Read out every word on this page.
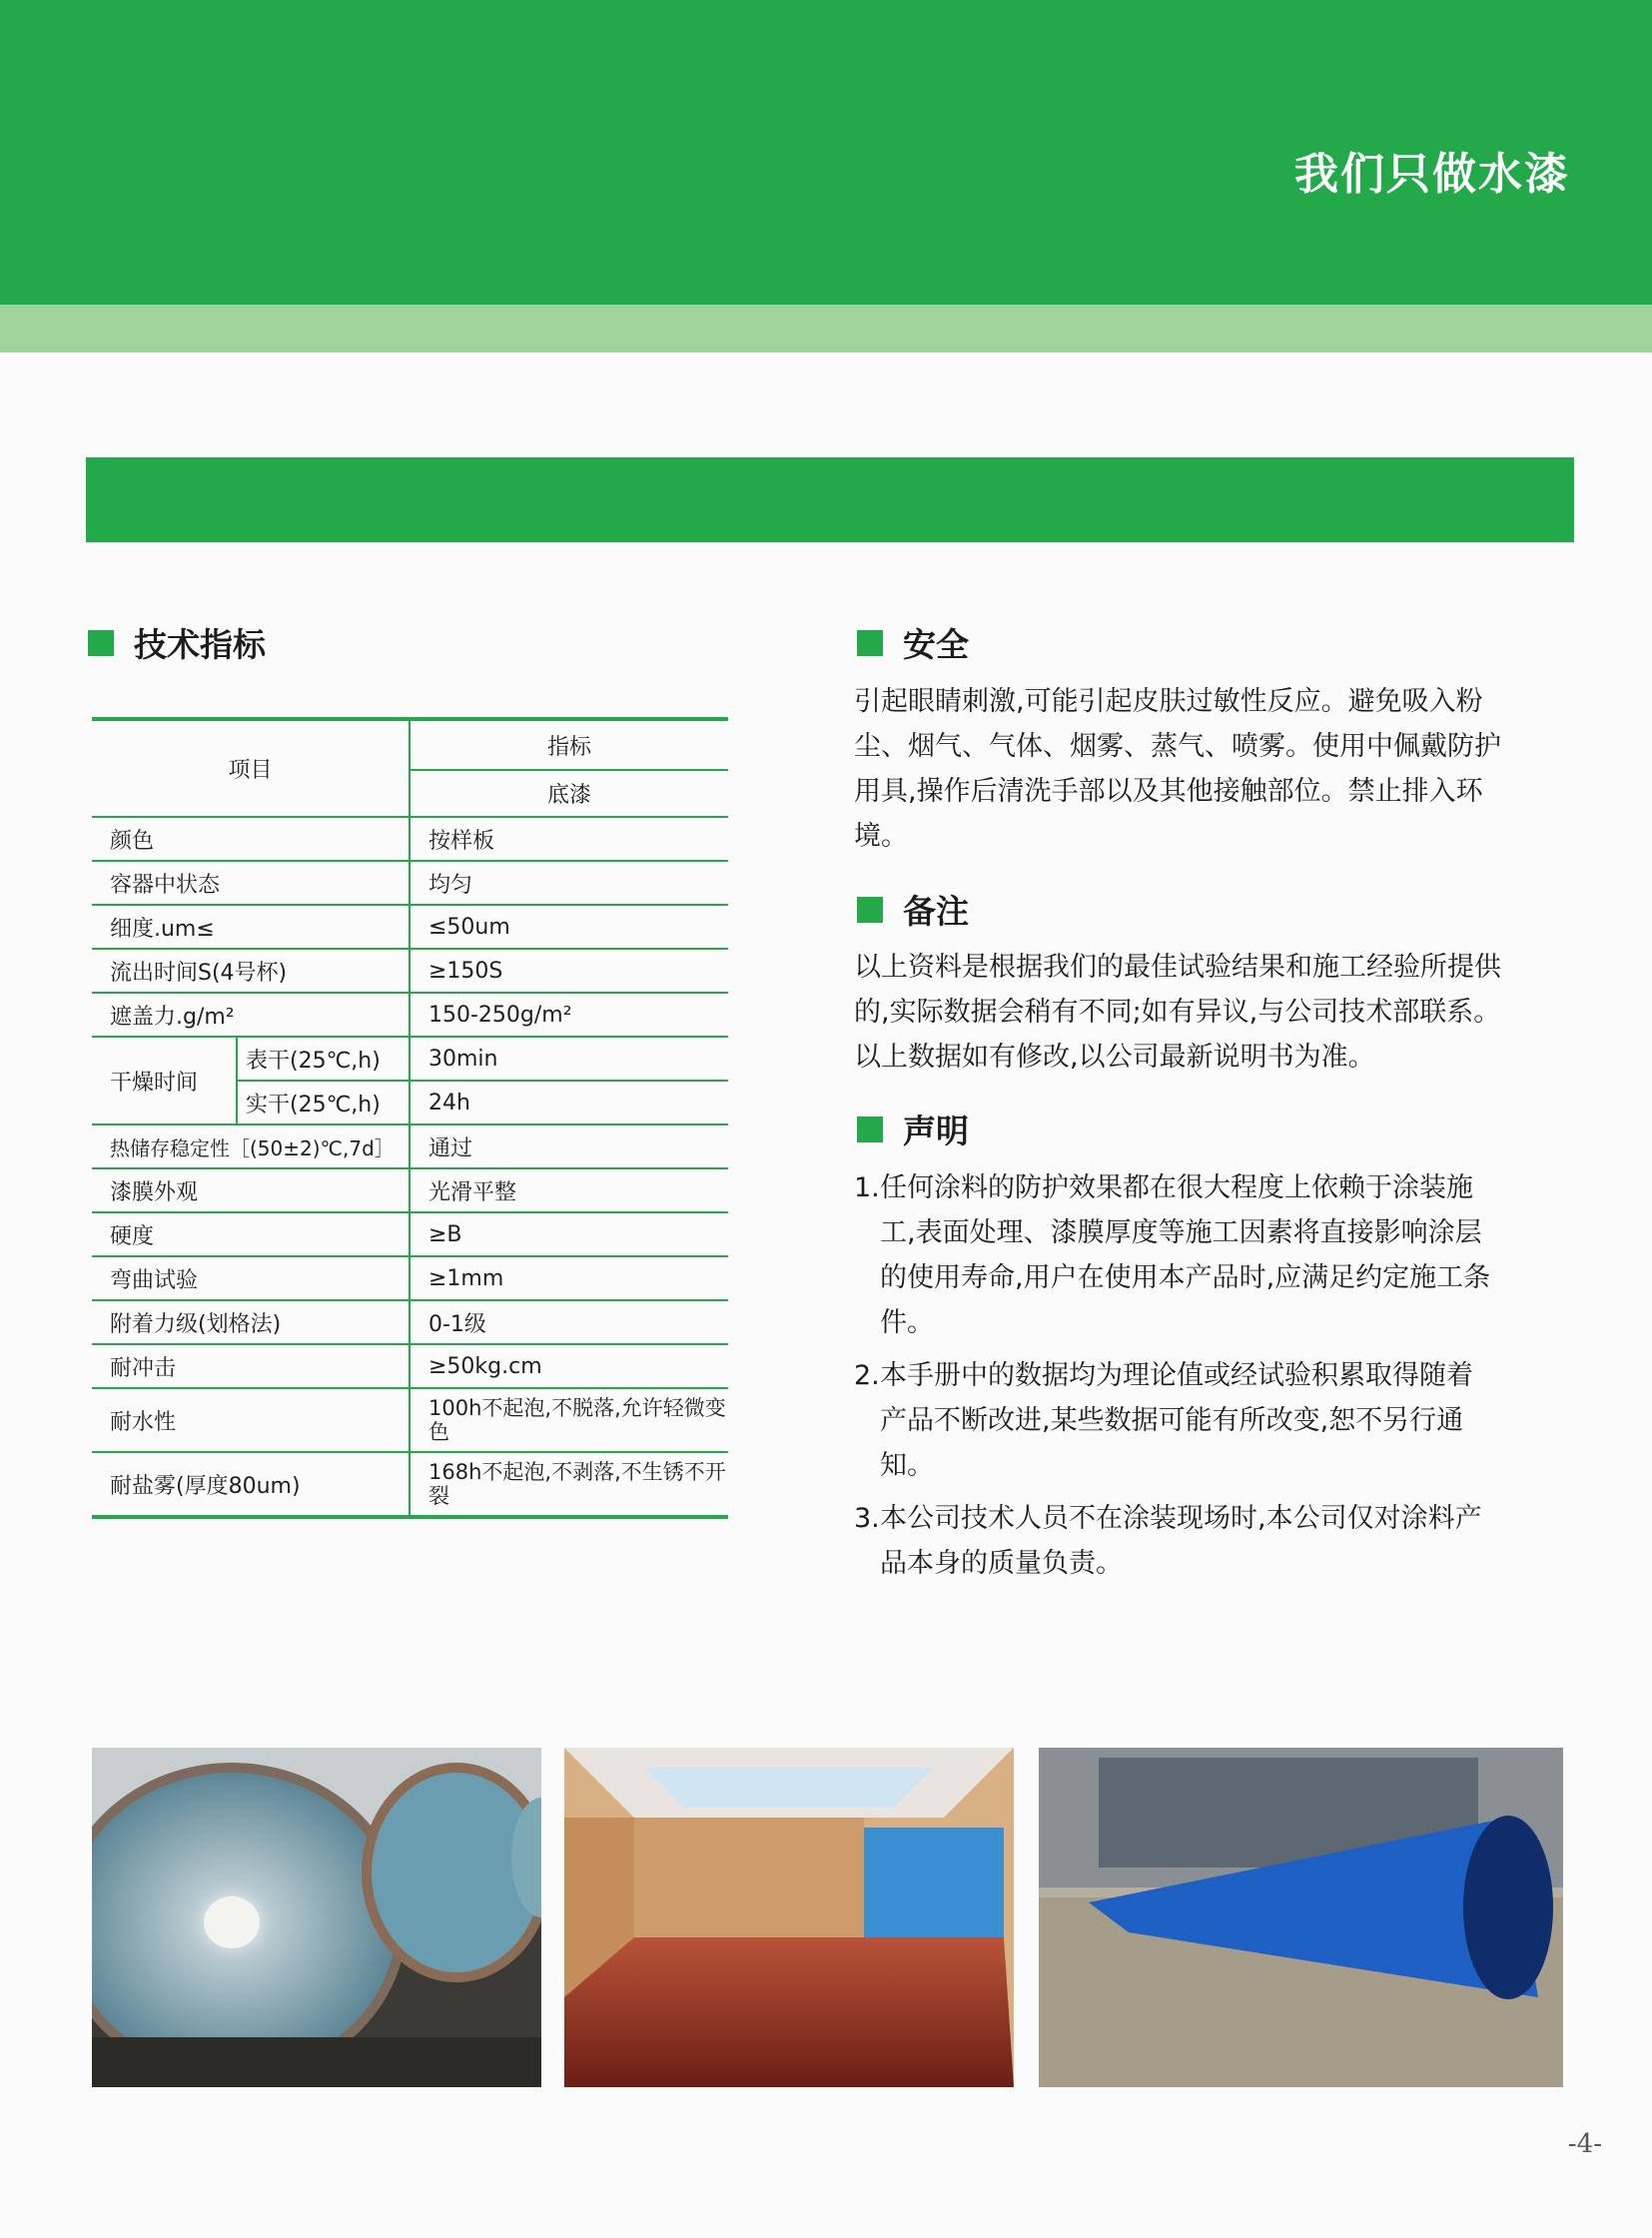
我们只做水漆
技术指标
项目		指标
		底漆
颜色		按样板
容器中状态		均匀
细度.um≤		≤50um
流出时间S(4号杯)		≥150S
遮盖力.g/m²		150-250g/m²
干燥时间	表干(25℃,h)	30min
	实干(25℃,h)	24h
热储存稳定性［(50±2)℃,7d］		通过
漆膜外观		光滑平整
硬度		≥B
弯曲试验		≥1mm
附着力级(划格法)		0-1级
耐冲击		≥50kg.cm
耐水性		100h不起泡,不脱落,允许轻微变色
耐盐雾(厚度80um)		168h不起泡,不剥落,不生锈不开裂
安全
引起眼睛刺激,可能引起皮肤过敏性反应。避免吸入粉尘、烟气、气体、烟雾、蒸气、喷雾。使用中佩戴防护用具,操作后清洗手部以及其他接触部位。禁止排入环境。
备注
以上资料是根据我们的最佳试验结果和施工经验所提供的,实际数据会稍有不同;如有异议,与公司技术部联系。以上数据如有修改,以公司最新说明书为准。
声明
1. 任何涂料的防护效果都在很大程度上依赖于涂装施工,表面处理、漆膜厚度等施工因素将直接影响涂层的使用寿命,用户在使用本产品时,应满足约定施工条件。
2. 本手册中的数据均为理论值或经试验积累取得随着产品不断改进,某些数据可能有所改变,恕不另行通知。
3. 本公司技术人员不在涂装现场时,本公司仅对涂料产品本身的质量负责。
-4-
